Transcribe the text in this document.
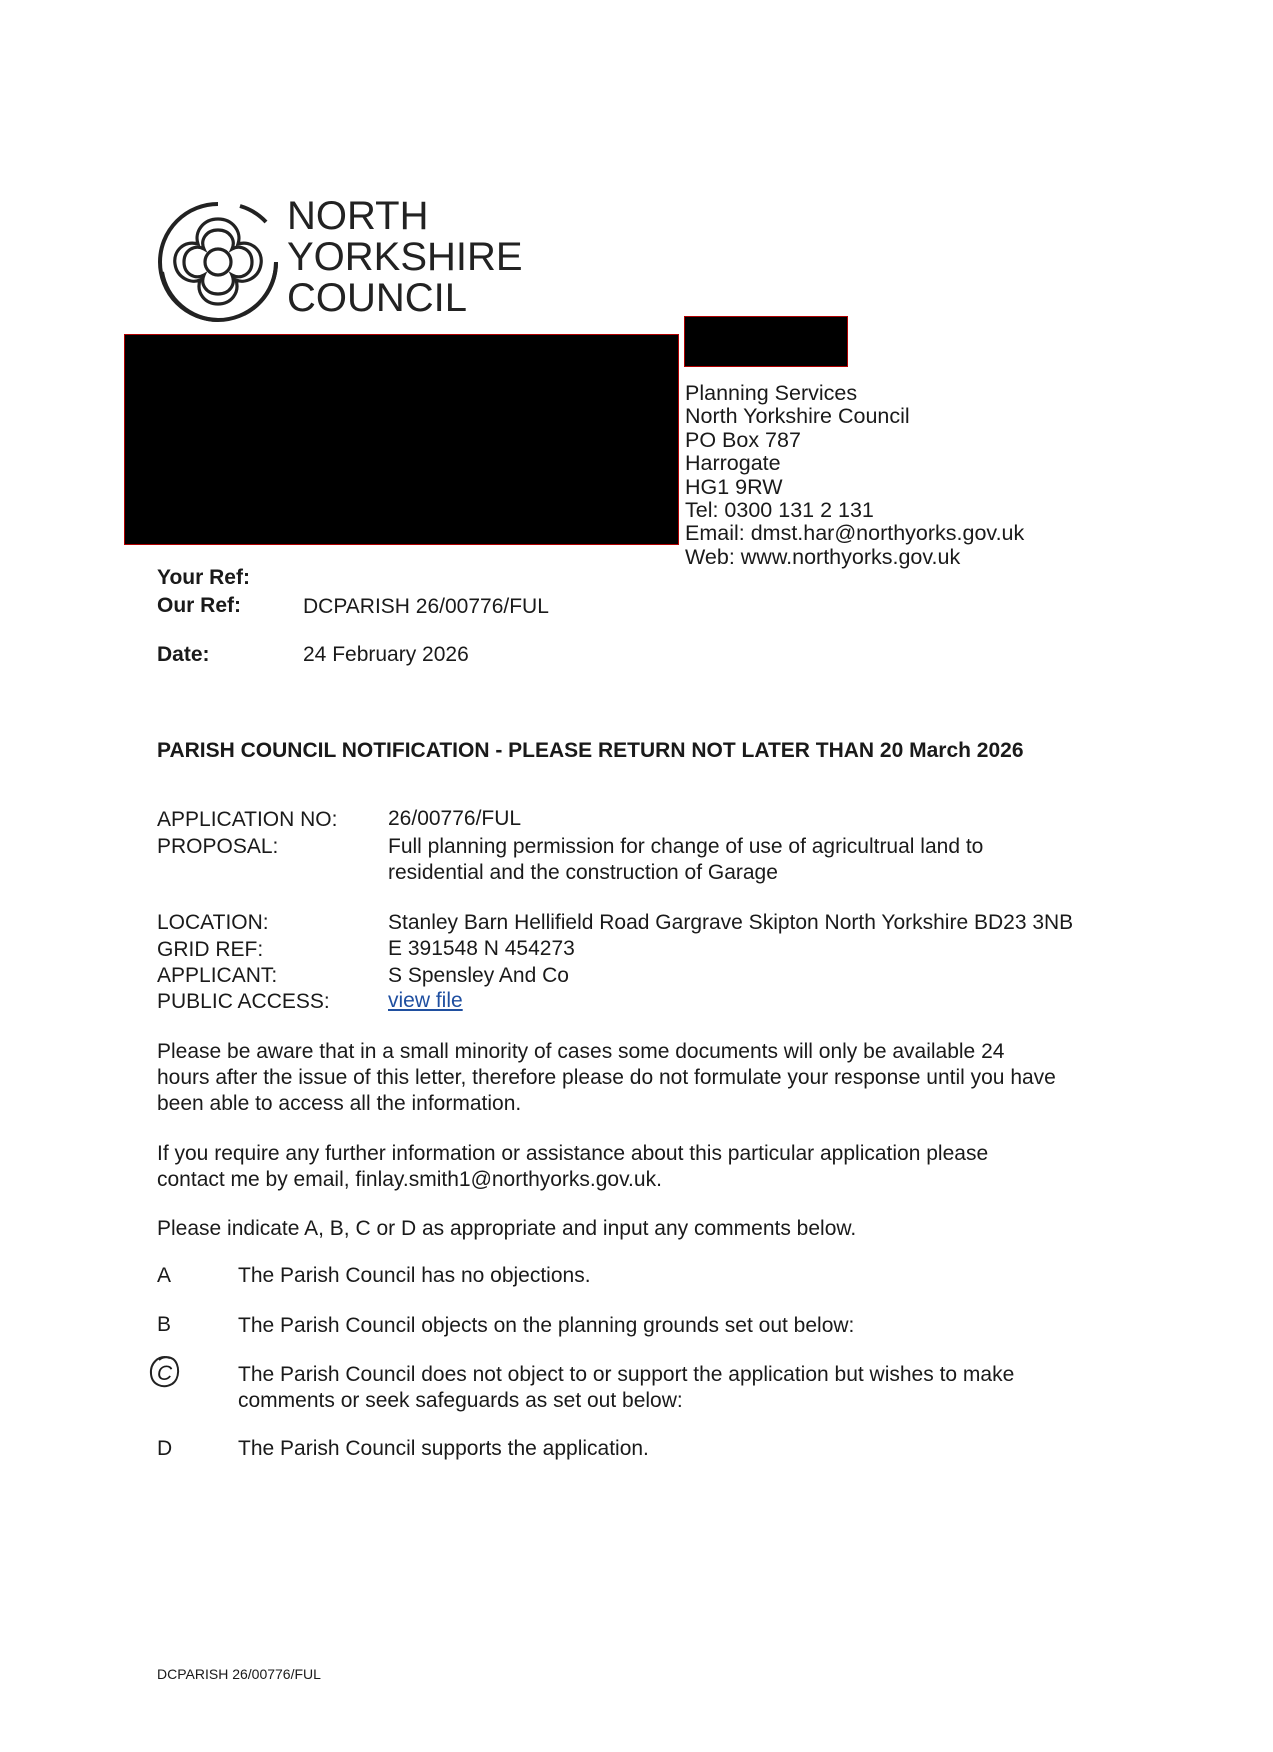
NORTH
YORKSHIRE
COUNCIL
Planning Services
North Yorkshire Council
PO Box 787
Harrogate
HG1 9RW
Tel: 0300 131 2 131
Email: dmst.har@northyorks.gov.uk
Web: www.northyorks.gov.uk
Your Ref:
Our Ref:	DCPARISH 26/00776/FUL
Date:	24 February 2026
PARISH COUNCIL NOTIFICATION - PLEASE RETURN NOT LATER THAN 20 March 2026
APPLICATION NO: 26/00776/FUL
PROPOSAL:	Full planning permission for change of use of agricultrual land to
residential and the construction of Garage
LOCATION:	Stanley Barn Hellifield Road Gargrave Skipton North Yorkshire BD23 3NB
GRID REF:	E 391548 N 454273
APPLICANT:	S Spensley And Co
PUBLIC ACCESS:	view file
Please be aware that in a small minority of cases some documents will only be available 24
hours after the issue of this letter, therefore please do not formulate your response until you have
been able to access all the information.
If you require any further information or assistance about this particular application please
contact me by email, finlay.smith1@northyorks.gov.uk.
Please indicate A, B, C or D as appropriate and input any comments below.
A	The Parish Council has no objections.
B	The Parish Council objects on the planning grounds set out below:
C	The Parish Council does not object to or support the application but wishes to make
comments or seek safeguards as set out below:
D	The Parish Council supports the application.
DCPARISH 26/00776/FUL
